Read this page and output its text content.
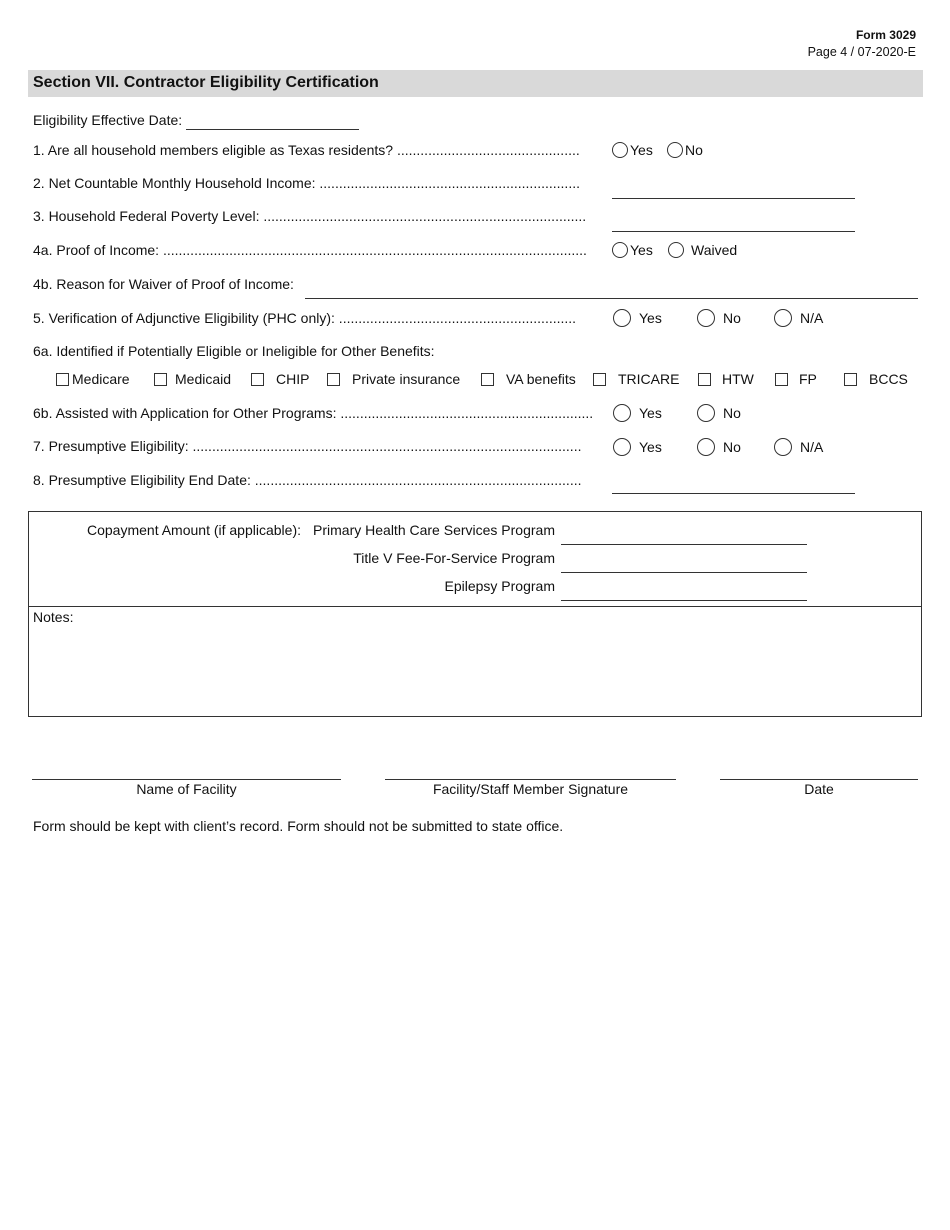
Form 3029
Page 4 / 07-2020-E
Section VII. Contractor Eligibility Certification
Eligibility Effective Date:
1. Are all household members eligible as Texas residents? ...............................................	Yes No
2. Net Countable Monthly Household Income: ...................................................................
3. Household Federal Poverty Level: ...................................................................................
4a. Proof of Income: .............................................................................................................	Yes	Waived
4b. Reason for Waiver of Proof of Income:
5. Verification of Adjunctive Eligibility (PHC only): .............................................................	Yes	No	N/A
6a. Identified if Potentially Eligible or Ineligible for Other Benefits:
Medicare	Medicaid	CHIP	Private insurance	VA benefits	TRICARE	HTW	FP	BCCS
6b. Assisted with Application for Other Programs: .................................................................	Yes	No
7. Presumptive Eligibility: ....................................................................................................	Yes	No	N/A
8. Presumptive Eligibility End Date: ....................................................................................
Copayment Amount (if applicable): Primary Health Care Services Program
Title V Fee-For-Service Program
Epilepsy Program
Notes:
Name of Facility	Facility/Staff Member Signature	Date
Form should be kept with client’s record. Form should not be submitted to state office.
